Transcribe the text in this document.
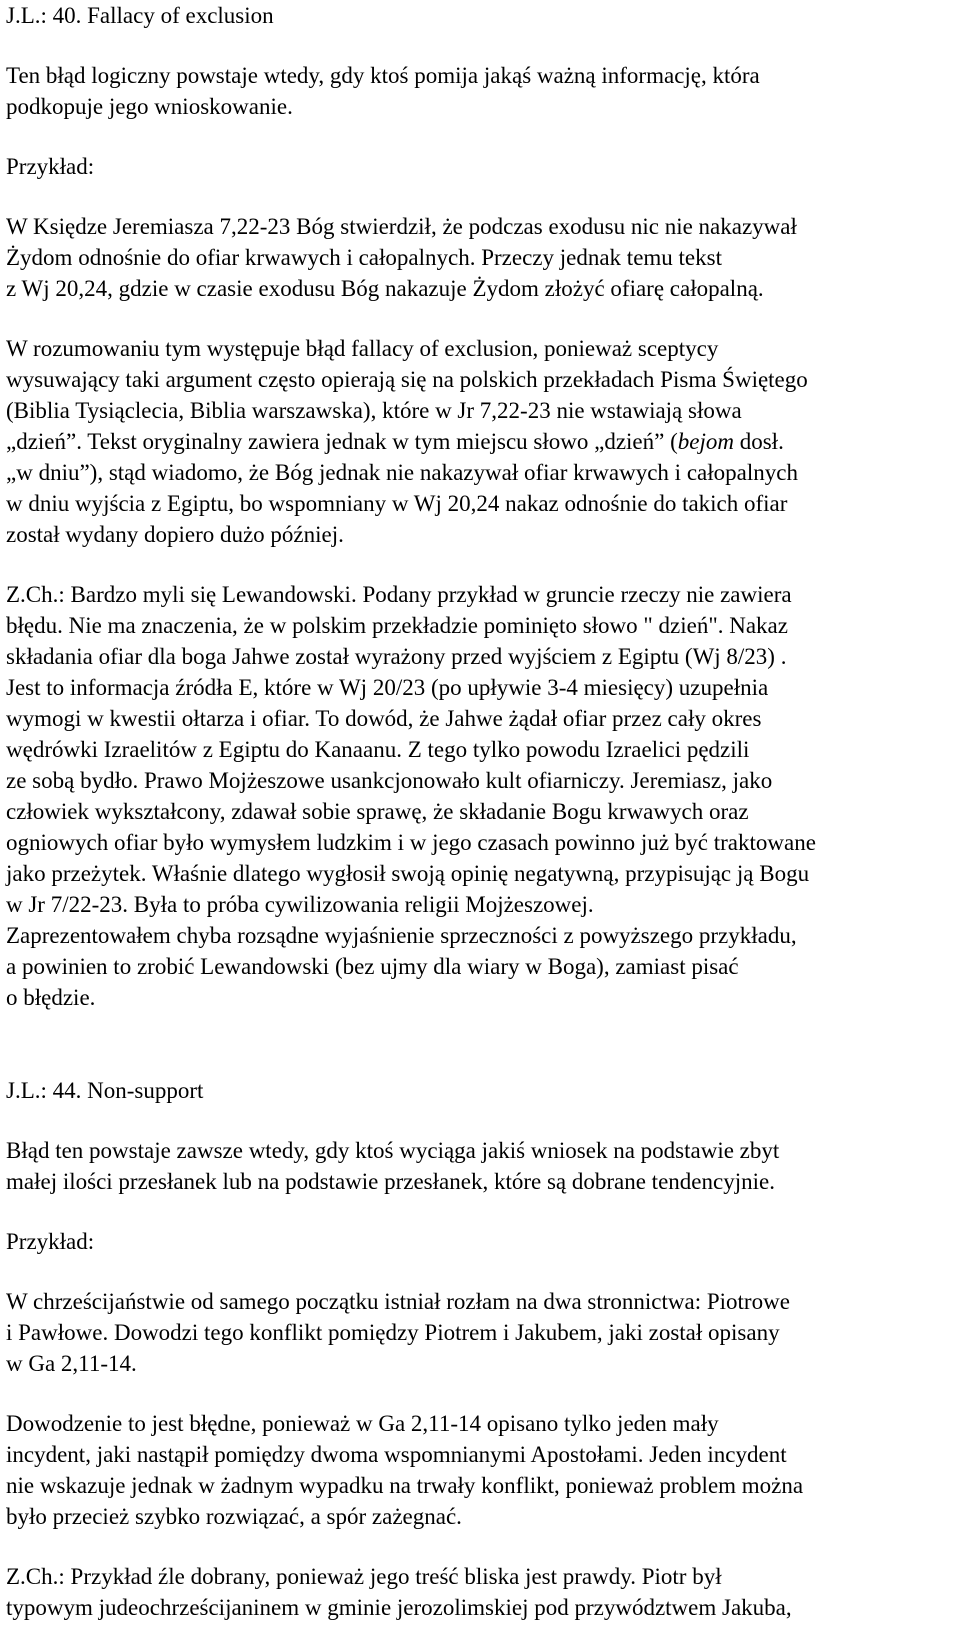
J.L.: 40. Fallacy of exclusion

Ten błąd logiczny powstaje wtedy, gdy ktoś pomija jakąś ważną informację, która
podkopuje jego wnioskowanie.

Przykład:

W Księdze Jeremiasza 7,22-23 Bóg stwierdził, że podczas exodusu nic nie nakazywał
Żydom odnośnie do ofiar krwawych i całopalnych. Przeczy jednak temu tekst
z Wj 20,24, gdzie w czasie exodusu Bóg nakazuje Żydom złożyć ofiarę całopalną.

W rozumowaniu tym występuje błąd fallacy of exclusion, ponieważ sceptycy
wysuwający taki argument często opierają się na polskich przekładach Pisma Świętego
(Biblia Tysiąclecia, Biblia warszawska), które w Jr 7,22-23 nie wstawiają słowa
„dzień”. Tekst oryginalny zawiera jednak w tym miejscu słowo „dzień” (bejom dosł.
„w dniu”), stąd wiadomo, że Bóg jednak nie nakazywał ofiar krwawych i całopalnych
w dniu wyjścia z Egiptu, bo wspomniany w Wj 20,24 nakaz odnośnie do takich ofiar
został wydany dopiero dużo później.

Z.Ch.: Bardzo myli się Lewandowski. Podany przykład w gruncie rzeczy nie zawiera
błędu. Nie ma znaczenia, że w polskim przekładzie pominięto słowo " dzień". Nakaz
składania ofiar dla boga Jahwe został wyrażony przed wyjściem z Egiptu (Wj 8/23) .
Jest to informacja źródła E, które w Wj 20/23 (po upływie 3-4 miesięcy) uzupełnia
wymogi w kwestii ołtarza i ofiar. To dowód, że Jahwe żądał ofiar przez cały okres
wędrówki Izraelitów z Egiptu do Kanaanu. Z tego tylko powodu Izraelici pędzili
ze sobą bydło. Prawo Mojżeszowe usankcjonowało kult ofiarniczy. Jeremiasz, jako
człowiek wykształcony, zdawał sobie sprawę, że składanie Bogu krwawych oraz
ogniowych ofiar było wymysłem ludzkim i w jego czasach powinno już być traktowane
jako przeżytek. Właśnie dlatego wygłosił swoją opinię negatywną, przypisując ją Bogu
w Jr 7/22-23. Była to próba cywilizowania religii Mojżeszowej.
Zaprezentowałem chyba rozsądne wyjaśnienie sprzeczności z powyższego przykładu,
a powinien to zrobić Lewandowski (bez ujmy dla wiary w Boga), zamiast pisać
o błędzie.

J.L.: 44. Non-support

Błąd ten powstaje zawsze wtedy, gdy ktoś wyciąga jakiś wniosek na podstawie zbyt
małej ilości przesłanek lub na podstawie przesłanek, które są dobrane tendencyjnie.

Przykład:

W chrześcijaństwie od samego początku istniał rozłam na dwa stronnictwa: Piotrowe
i Pawłowe. Dowodzi tego konflikt pomiędzy Piotrem i Jakubem, jaki został opisany
w Ga 2,11-14.

Dowodzenie to jest błędne, ponieważ w Ga 2,11-14 opisano tylko jeden mały
incydent, jaki nastąpił pomiędzy dwoma wspomnianymi Apostołami. Jeden incydent
nie wskazuje jednak w żadnym wypadku na trwały konflikt, ponieważ problem można
było przecież szybko rozwiązać, a spór zażegnać.

Z.Ch.: Przykład źle dobrany, ponieważ jego treść bliska jest prawdy. Piotr był
typowym judeochrześcijaninem w gminie jerozolimskiej pod przywództwem Jakuba,
